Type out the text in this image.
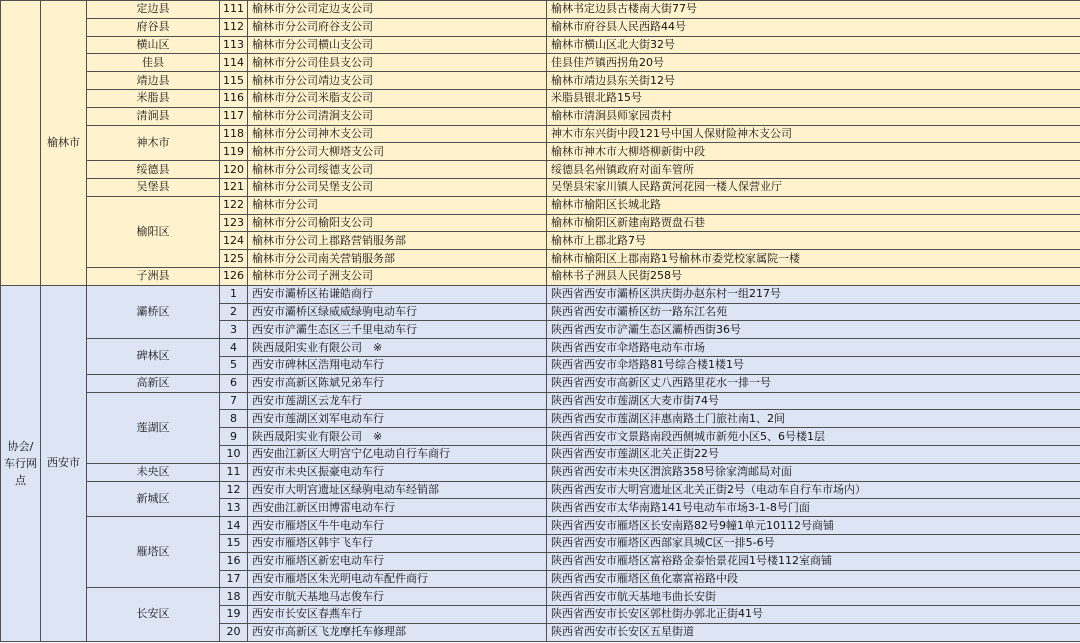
	榆林市	定边县	111	榆林市分公司定边支公司	榆林书定边县古楼南大街77号
		府谷县	112	榆林市分公司府谷支公司	榆林市府谷县人民西路44号
		横山区	113	榆林市分公司横山支公司	榆林市横山区北大街32号
		佳县	114	榆林市分公司佳县支公司	佳县佳芦镇西拐角20号
		靖边县	115	榆林市分公司靖边支公司	榆林市靖边县东关街12号
		米脂县	116	榆林市分公司米脂支公司	米脂县银北路15号
		清涧县	117	榆林市分公司清涧支公司	榆林市清涧县师家园责村
		神木市	118	榆林市分公司神木支公司	神木市东兴街中段121号中国人保财险神木支公司
			119	榆林市分公司大柳塔支公司	榆林市神木市大柳塔柳新街中段
		绥德县	120	榆林市分公司绥德支公司	绥德县名州镇政府对面车管所
		吴堡县	121	榆林市分公司吴堡支公司	吴堡县宋家川镇人民路黄河花园一楼人保营业厅
		榆阳区	122	榆林市分公司	榆林市榆阳区长城北路
			123	榆林市分公司榆阳支公司	榆林市榆阳区新建南路贾盘石巷
			124	榆林市分公司上郡路营销服务部	榆林市上郡北路7号
			125	榆林市分公司南关营销服务部	榆林市榆阳区上郡南路1号榆林市委党校家属院一楼
		子洲县	126	榆林市分公司子洲支公司	榆林书子洲县人民街258号
协会/车行网点	西安市	灞桥区	1	西安市灞桥区祐谦皓商行	陕西省西安市灞桥区洪庆街办赵东村一组217号
			2	西安市灞桥区绿威威绿驹电动车行	陕西省西安市灞桥区纺一路东江名苑
			3	西安市浐灞生态区三千里电动车行	陕西省西安市浐灞生态区灞桥西街36号
		碑林区	4	陕西晟阳实业有限公司　※	陕西省西安市伞塔路电动车市场
			5	西安市碑林区浩翔电动车行	陕西省西安市伞塔路81号综合楼1楼1号
		高新区	6	西安市高新区陈斌兄弟车行	陕西省西安市高新区丈八西路里花水一排一号
		莲湖区	7	西安市莲湖区云龙车行	陕西省西安市莲湖区大麦市街74号
			8	西安市莲湖区刘军电动车行	陕西省西安市莲湖区沣惠南路土门旅社南1、2间
			9	陕西晟阳实业有限公司　※	陕西省西安市文景路南段西侧城市新苑小区5、6号楼1层
			10	西安曲江新区大明宫宁亿电动自行车商行	陕西省西安市莲湖区北关正街22号
		未央区	11	西安市未央区振豪电动车行	陕西省西安市未央区渭滨路358号徐家湾邮局对面
		新城区	12	西安市大明宫遗址区绿驹电动车经销部	陕西省西安市大明宫遗址区北关正街2号（电动车自行车市场内）
			13	西安曲江新区田博雷电动车行	陕西省西安市太华南路141号电动车市场3-1-8号门面
		雁塔区	14	西安市雁塔区牛牛电动车行	陕西省西安市雁塔区长安南路82号9幢1单元10112号商铺
			15	西安市雁塔区韩宇飞车行	陕西省西安市雁塔区西部家具城C区一排5-6号
			16	西安市雁塔区新宏电动车行	陕西省西安市雁塔区富裕路金泰怡景花园1号楼112室商铺
			17	西安市雁塔区朱光明电动车配件商行	陕西省西安市雁塔区鱼化寨富裕路中段
		长安区	18	西安市航天基地马志俊车行	陕西省西安市航天基地韦曲长安街
			19	西安市长安区春燕车行	陕西省西安市长安区郭杜街办郭北正街41号
			20	西安市高新区飞龙摩托车修理部	陕西省西安市长安区五星街道
